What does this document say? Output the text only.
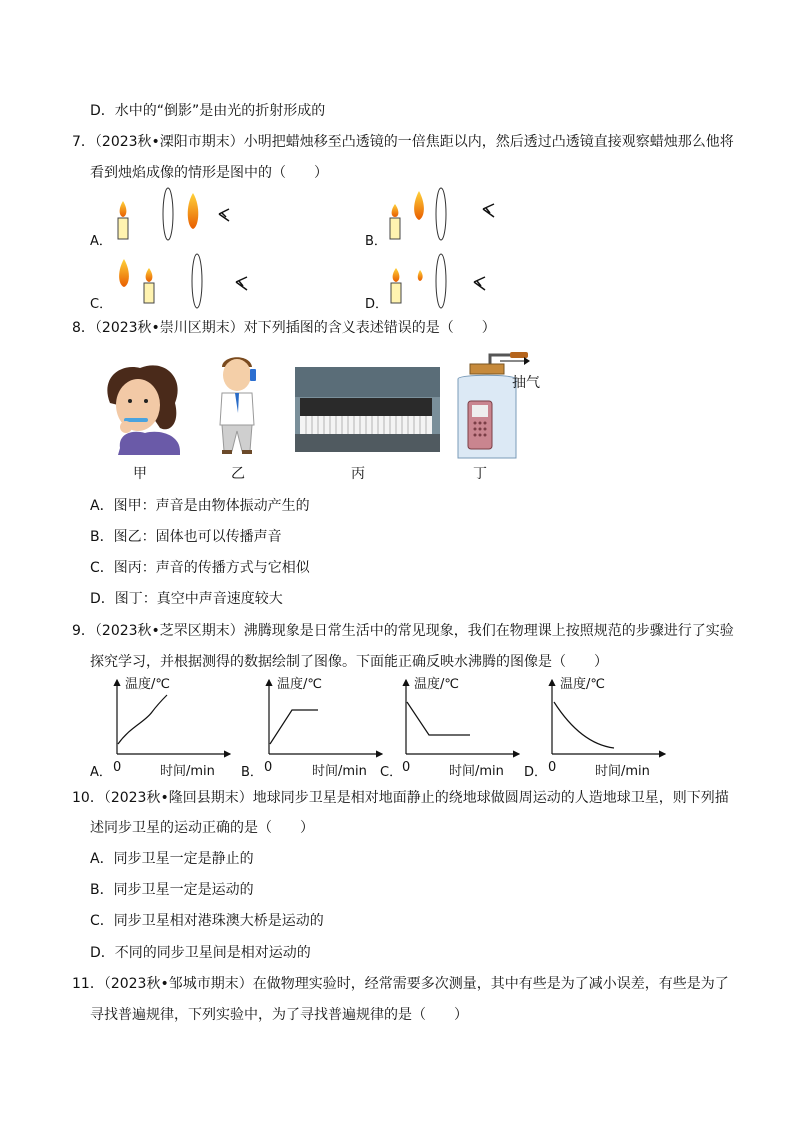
D．水中的“倒影”是由光的折射形成的
7．（2023秋•溧阳市期末）小明把蜡烛移至凸透镜的一倍焦距以内，然后透过凸透镜直接观察蜡烛那么他将
看到烛焰成像的情形是图中的（　　）
A．	B．
C．	D．
8．（2023秋•崇川区期末）对下列插图的含义表述错误的是（　　）
抽气
甲	乙	丙	丁
A．图甲：声音是由物体振动产生的
B．图乙：固体也可以传播声音
C．图丙：声音的传播方式与它相似
D．图丁：真空中声音速度较大
9．（2023秋•芝罘区期末）沸腾现象是日常生活中的常见现象，我们在物理课上按照规范的步骤进行了实验
探究学习，并根据测得的数据绘制了图像。下面能正确反映水沸腾的图像是（　　）
温度/℃	温度/℃	温度/℃	温度/℃
0	0	0	0
时间/min	时间/min	时间/min	时间/min
A．	B．	C．	D．
10．（2023秋•隆回县期末）地球同步卫星是相对地面静止的绕地球做圆周运动的人造地球卫星，则下列描
述同步卫星的运动正确的是（　　）
A．同步卫星一定是静止的
B．同步卫星一定是运动的
C．同步卫星相对港珠澳大桥是运动的
D．不同的同步卫星间是相对运动的
11．（2023秋•邹城市期末）在做物理实验时，经常需要多次测量，其中有些是为了减小误差，有些是为了
寻找普遍规律，下列实验中，为了寻找普遍规律的是（　　）
